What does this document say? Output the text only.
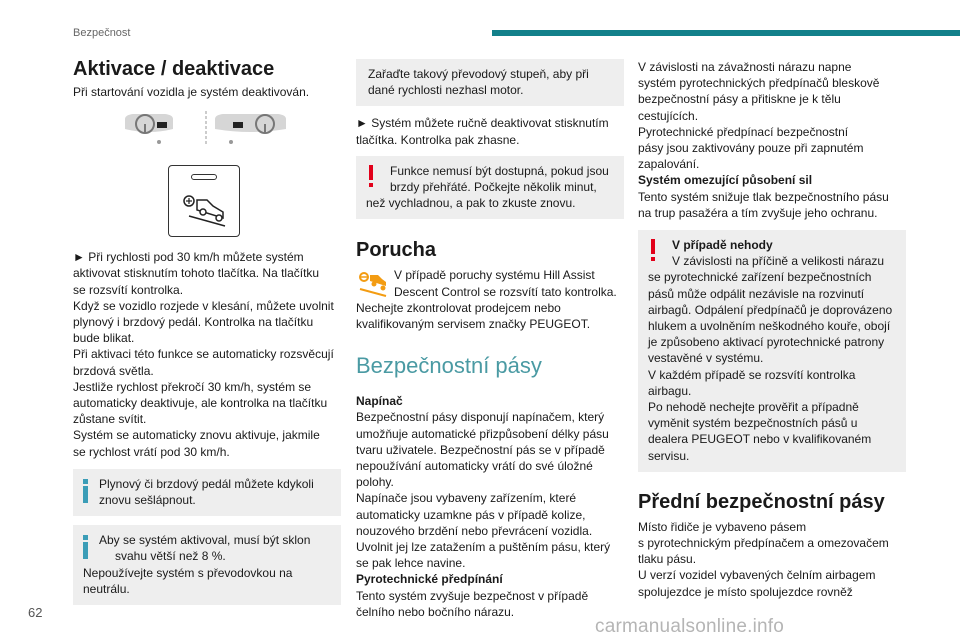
Bezpečnost
Aktivace / deaktivace

Při startování vozidla je systém deaktivován.

► Při rychlosti pod 30 km/h můžete systém

aktivovat stisknutím tohoto tlačítka. Na tlačítku

se rozsvítí kontrolka.

Když se vozidlo rozjede v klesání, můžete uvolnit

plynový i brzdový pedál. Kontrolka na tlačítku

bude blikat.

Při aktivaci této funkce se automaticky rozsvěcují

brzdová světla.

Jestliže rychlost překročí 30 km/h, systém se

automaticky deaktivuje, ale kontrolka na tlačítku

zůstane svítit.

Systém se automaticky znovu aktivuje, jakmile

se rychlost vrátí pod 30 km/h.

Plynový či brzdový pedál můžete kdykoli

znovu sešlápnout.

Aby se systém aktivoval, musí být sklon

svahu větší než 8 %.

Nepoužívejte systém s převodovkou na

neutrálu.

Zařaďte takový převodový stupeň, aby při

dané rychlosti nezhasl motor.

► Systém můžete ručně deaktivovat stisknutím

tlačítka. Kontrolka pak zhasne.

Funkce nemusí být dostupná, pokud jsou

brzdy přehřáté. Počkejte několik minut,

než vychladnou, a pak to zkuste znovu.

Porucha

V případě poruchy systému Hill Assist

Descent Control se rozsvítí tato kontrolka.

Nechejte zkontrolovat prodejcem nebo

kvalifikovaným servisem značky PEUGEOT.

Bezpečnostní pásy

Napínač

Bezpečnostní pásy disponují napínačem, který

umožňuje automatické přizpůsobení délky pásu

tvaru uživatele. Bezpečnostní pás se v případě

nepoužívání automaticky vrátí do své úložné

polohy.

Napínače jsou vybaveny zařízením, které

automaticky uzamkne pás v případě kolize,

nouzového brzdění nebo převrácení vozidla.

Uvolnit jej lze zatažením a puštěním pásu, který

se pak lehce navine.

Pyrotechnické předpínání

Tento systém zvyšuje bezpečnost v případě

čelního nebo bočního nárazu.

V závislosti na závažnosti nárazu napne

systém pyrotechnických předpínačů bleskově

bezpečnostní pásy a přitiskne je k tělu

cestujících.

Pyrotechnické předpínací bezpečnostní

pásy jsou zaktivovány pouze při zapnutém

zapalování.

Systém omezující působení sil

Tento systém snižuje tlak bezpečnostního pásu

na trup pasažéra a tím zvyšuje jeho ochranu.

V případě nehody

V závislosti na příčině a velikosti nárazu

se pyrotechnické zařízení bezpečnostních

pásů může odpálit nezávisle na rozvinutí

airbagů. Odpálení předpínačů je doprovázeno

hlukem a uvolněním neškodného kouře, obojí

je způsobeno aktivací pyrotechnické patrony

vestavěné v systému.

V každém případě se rozsvítí kontrolka

airbagu.

Po nehodě nechejte prověřit a případně

vyměnit systém bezpečnostních pásů u

dealera PEUGEOT nebo v kvalifikovaném

servisu.

Přední bezpečnostní pásy

Místo řidiče je vybaveno pásem

s pyrotechnickým předpínačem a omezovačem

tlaku pásu.

U verzí vozidel vybavených čelním airbagem

spolujezdce je místo spolujezdce rovněž

62
carmanualsonline.info
